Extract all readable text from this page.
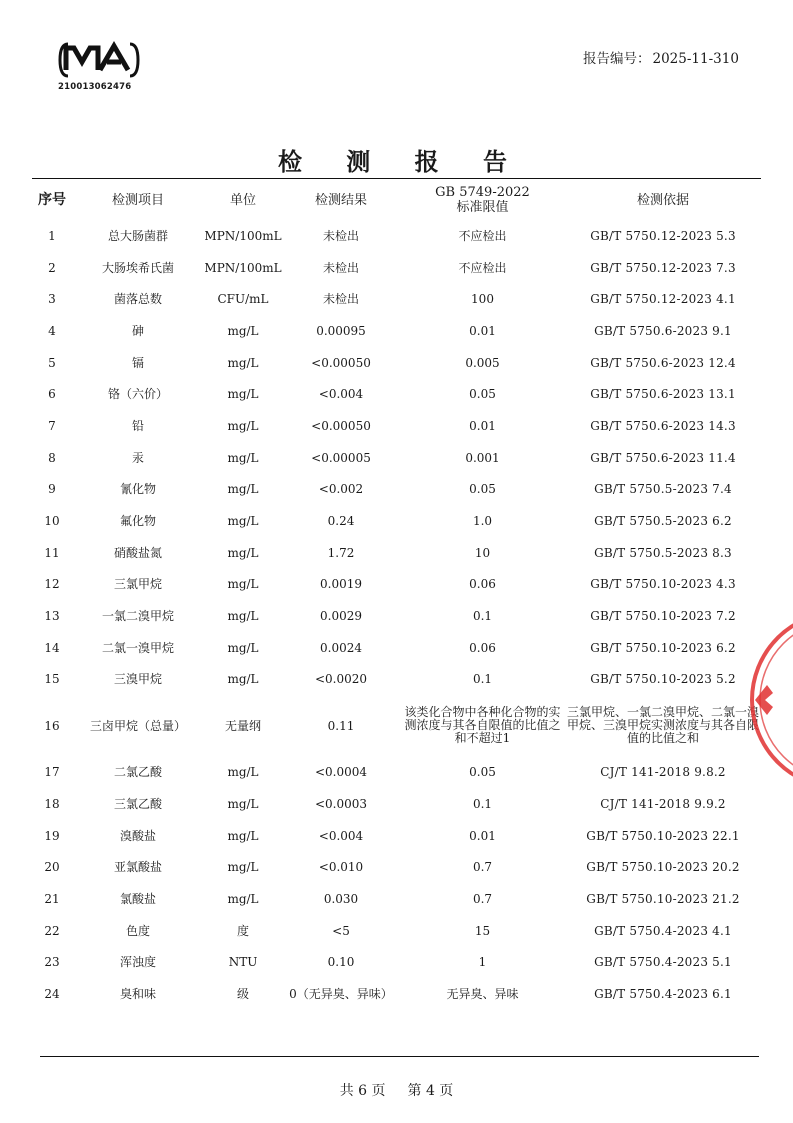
210013062476
报告编号： 2025-11-310
检 测 报 告
序号	检测项目	单位	检测结果	GB 5749-2022
标准限值	检测依据
1	总大肠菌群	MPN/100mL	未检出	不应检出	GB/T 5750.12-2023 5.3
2	大肠埃希氏菌	MPN/100mL	未检出	不应检出	GB/T 5750.12-2023 7.3
3	菌落总数	CFU/mL	未检出	100	GB/T 5750.12-2023 4.1
4	砷	mg/L	0.00095	0.01	GB/T 5750.6-2023 9.1
5	镉	mg/L	<0.00050	0.005	GB/T 5750.6-2023 12.4
6	铬（六价）	mg/L	<0.004	0.05	GB/T 5750.6-2023 13.1
7	铅	mg/L	<0.00050	0.01	GB/T 5750.6-2023 14.3
8	汞	mg/L	<0.00005	0.001	GB/T 5750.6-2023 11.4
9	氰化物	mg/L	<0.002	0.05	GB/T 5750.5-2023 7.4
10	氟化物	mg/L	0.24	1.0	GB/T 5750.5-2023 6.2
11	硝酸盐氮	mg/L	1.72	10	GB/T 5750.5-2023 8.3
12	三氯甲烷	mg/L	0.0019	0.06	GB/T 5750.10-2023 4.3
13	一氯二溴甲烷	mg/L	0.0029	0.1	GB/T 5750.10-2023 7.2
14	二氯一溴甲烷	mg/L	0.0024	0.06	GB/T 5750.10-2023 6.2
15	三溴甲烷	mg/L	<0.0020	0.1	GB/T 5750.10-2023 5.2
16	三卤甲烷（总量）	无量纲	0.11	该类化合物中各种化合物的实测浓度与其各自限值的比值之和不超过1	三氯甲烷、一氯二溴甲烷、二氯一溴甲烷、三溴甲烷实测浓度与其各自限值的比值之和

17	二氯乙酸	mg/L	<0.0004	0.05	CJ/T 141-2018 9.8.2
18	三氯乙酸	mg/L	<0.0003	0.1	CJ/T 141-2018 9.9.2
19	溴酸盐	mg/L	<0.004	0.01	GB/T 5750.10-2023 22.1
20	亚氯酸盐	mg/L	<0.010	0.7	GB/T 5750.10-2023 20.2
21	氯酸盐	mg/L	0.030	0.7	GB/T 5750.10-2023 21.2
22	色度	度	<5	15	GB/T 5750.4-2023 4.1
23	浑浊度	NTU	0.10	1	GB/T 5750.4-2023 5.1
24	臭和味	级	0（无异臭、异味）	无异臭、异味	GB/T 5750.4-2023 6.1
共 6 页 第 4 页
